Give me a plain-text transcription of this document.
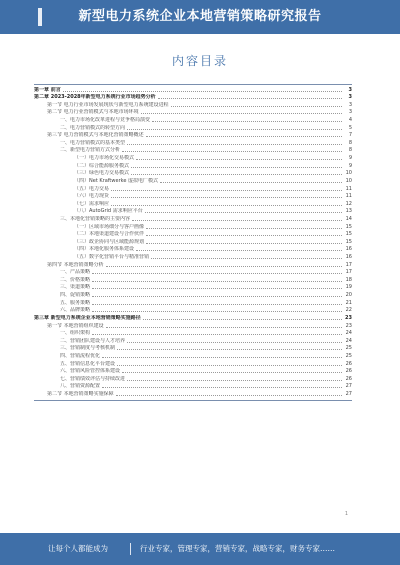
新型电力系统企业本地营销策略研究报告
内容目录
第一章 前言	3
第二章 2023-2028年新型电力系统行业市场趋势分析	3
第一节 电力行业市场发展现状与新型电力系统建设进程	3
第二节 电力行业营销模式与本地市场环境	3
一、电力市场化改革进程与竞争格局演变	4
二、电力营销模式的转型方向	5
第三节 电力营销模式与本地化营销策略概述	7
一、电力营销模式的基本类型	8
二、新型电力营销方式分析	8
（一）电力市场化交易模式	9
（二）综合能源服务模式	9
（三）绿色电力交易模式	10
（四）Net Kraftwerke 虚拟电厂模式	10
（五）电力交易	11
（六）电力现货	11
（七）需求响应	12
（八）AutoGrid 需求响应平台	13
三、本地化营销策略的主要内容	14
（一）区域市场细分与客户画像	15
（二）本地渠道建设与合作伙伴	15
（三）政企协同与区域能源规划	15
（四）本地化服务体系建设	16
（五）数字化营销平台与精准营销	16
第四节 本地营销策略分析	17
一、产品策略	17
二、价格策略	18
三、渠道策略	19
四、促销策略	20
五、服务策略	21
六、品牌策略	22
第三章 新型电力系统企业本地营销策略实施路径	23
第一节 本地营销组织建设	23
一、组织架构	24
二、营销团队建设与人才培养	24
三、营销制度与考核机制	25
四、营销流程优化	25
五、营销信息化平台建设	26
六、营销风险管控体系建设	26
七、营销绩效评估与持续改进	26
八、营销资源配置	27
第二节 本地营销策略实施保障	27
1
让每个人都能成为	行业专家，管理专家，营销专家，战略专家，财务专家……
